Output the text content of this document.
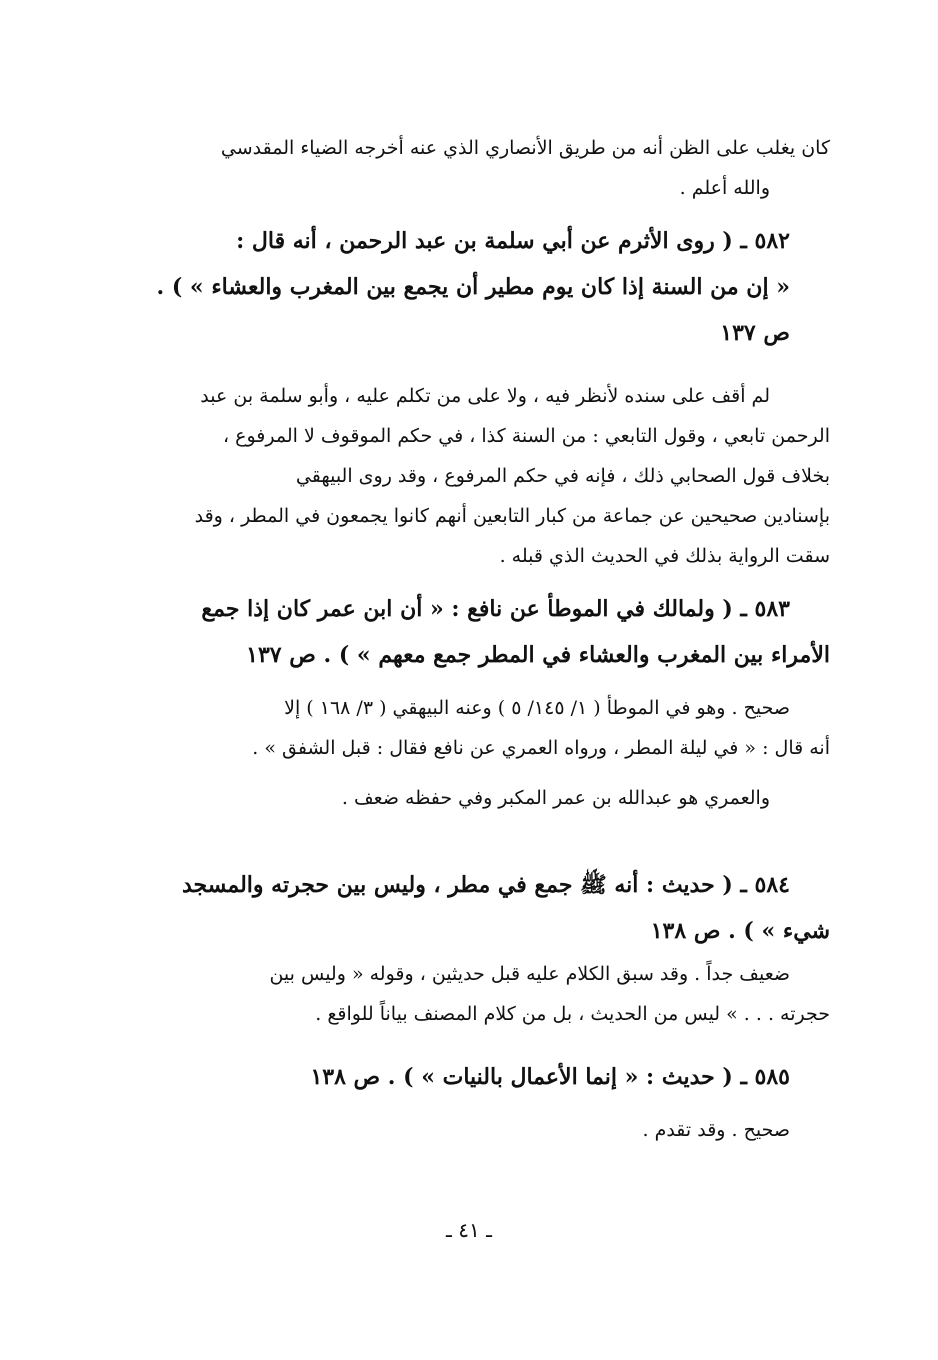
كان يغلب على الظن أنه من طريق الأنصاري الذي عنه أخرجه الضياء المقدسي
والله أعلم .
٥٨٢ ـ ( روى الأثرم عن أبي سلمة بن عبد الرحمن ، أنه قال :
« إن من السنة إذا كان يوم مطير أن يجمع بين المغرب والعشاء » ) .
ص ١٣٧
لم أقف على سنده لأنظر فيه ، ولا على من تكلم عليه ، وأبو سلمة بن عبد
الرحمن تابعي ، وقول التابعي : من السنة كذا ، في حكم الموقوف لا المرفوع ،
بخلاف قول الصحابي ذلك ، فإنه في حكم المرفوع ، وقد روى البيهقي
بإسنادين صحيحين عن جماعة من كبار التابعين أنهم كانوا يجمعون في المطر ، وقد
سقت الرواية بذلك في الحديث الذي قبله .
٥٨٣ ـ ( ولمالك في الموطأ عن نافع : « أن ابن عمر كان إذا جمع
الأمراء بين المغرب والعشاء في المطر جمع معهم » ) . ص ١٣٧
صحيح . وهو في الموطأ ( ١/ ١٤٥/ ٥ ) وعنه البيهقي ( ٣/ ١٦٨ ) إلا
أنه قال : « في ليلة المطر ، ورواه العمري عن نافع فقال : قبل الشفق » .
والعمري هو عبدالله بن عمر المكبر وفي حفظه ضعف .
٥٨٤ ـ ( حديث : أنه ﷺ جمع في مطر ، وليس بين حجرته والمسجد
شيء » ) . ص ١٣٨
ضعيف جداً . وقد سبق الكلام عليه قبل حديثين ، وقوله « وليس بين
حجرته . . . » ليس من الحديث ، بل من كلام المصنف بياناً للواقع .
٥٨٥ ـ ( حديث : « إنما الأعمال بالنيات » ) . ص ١٣٨
صحيح . وقد تقدم .
ـ ٤١ ـ
